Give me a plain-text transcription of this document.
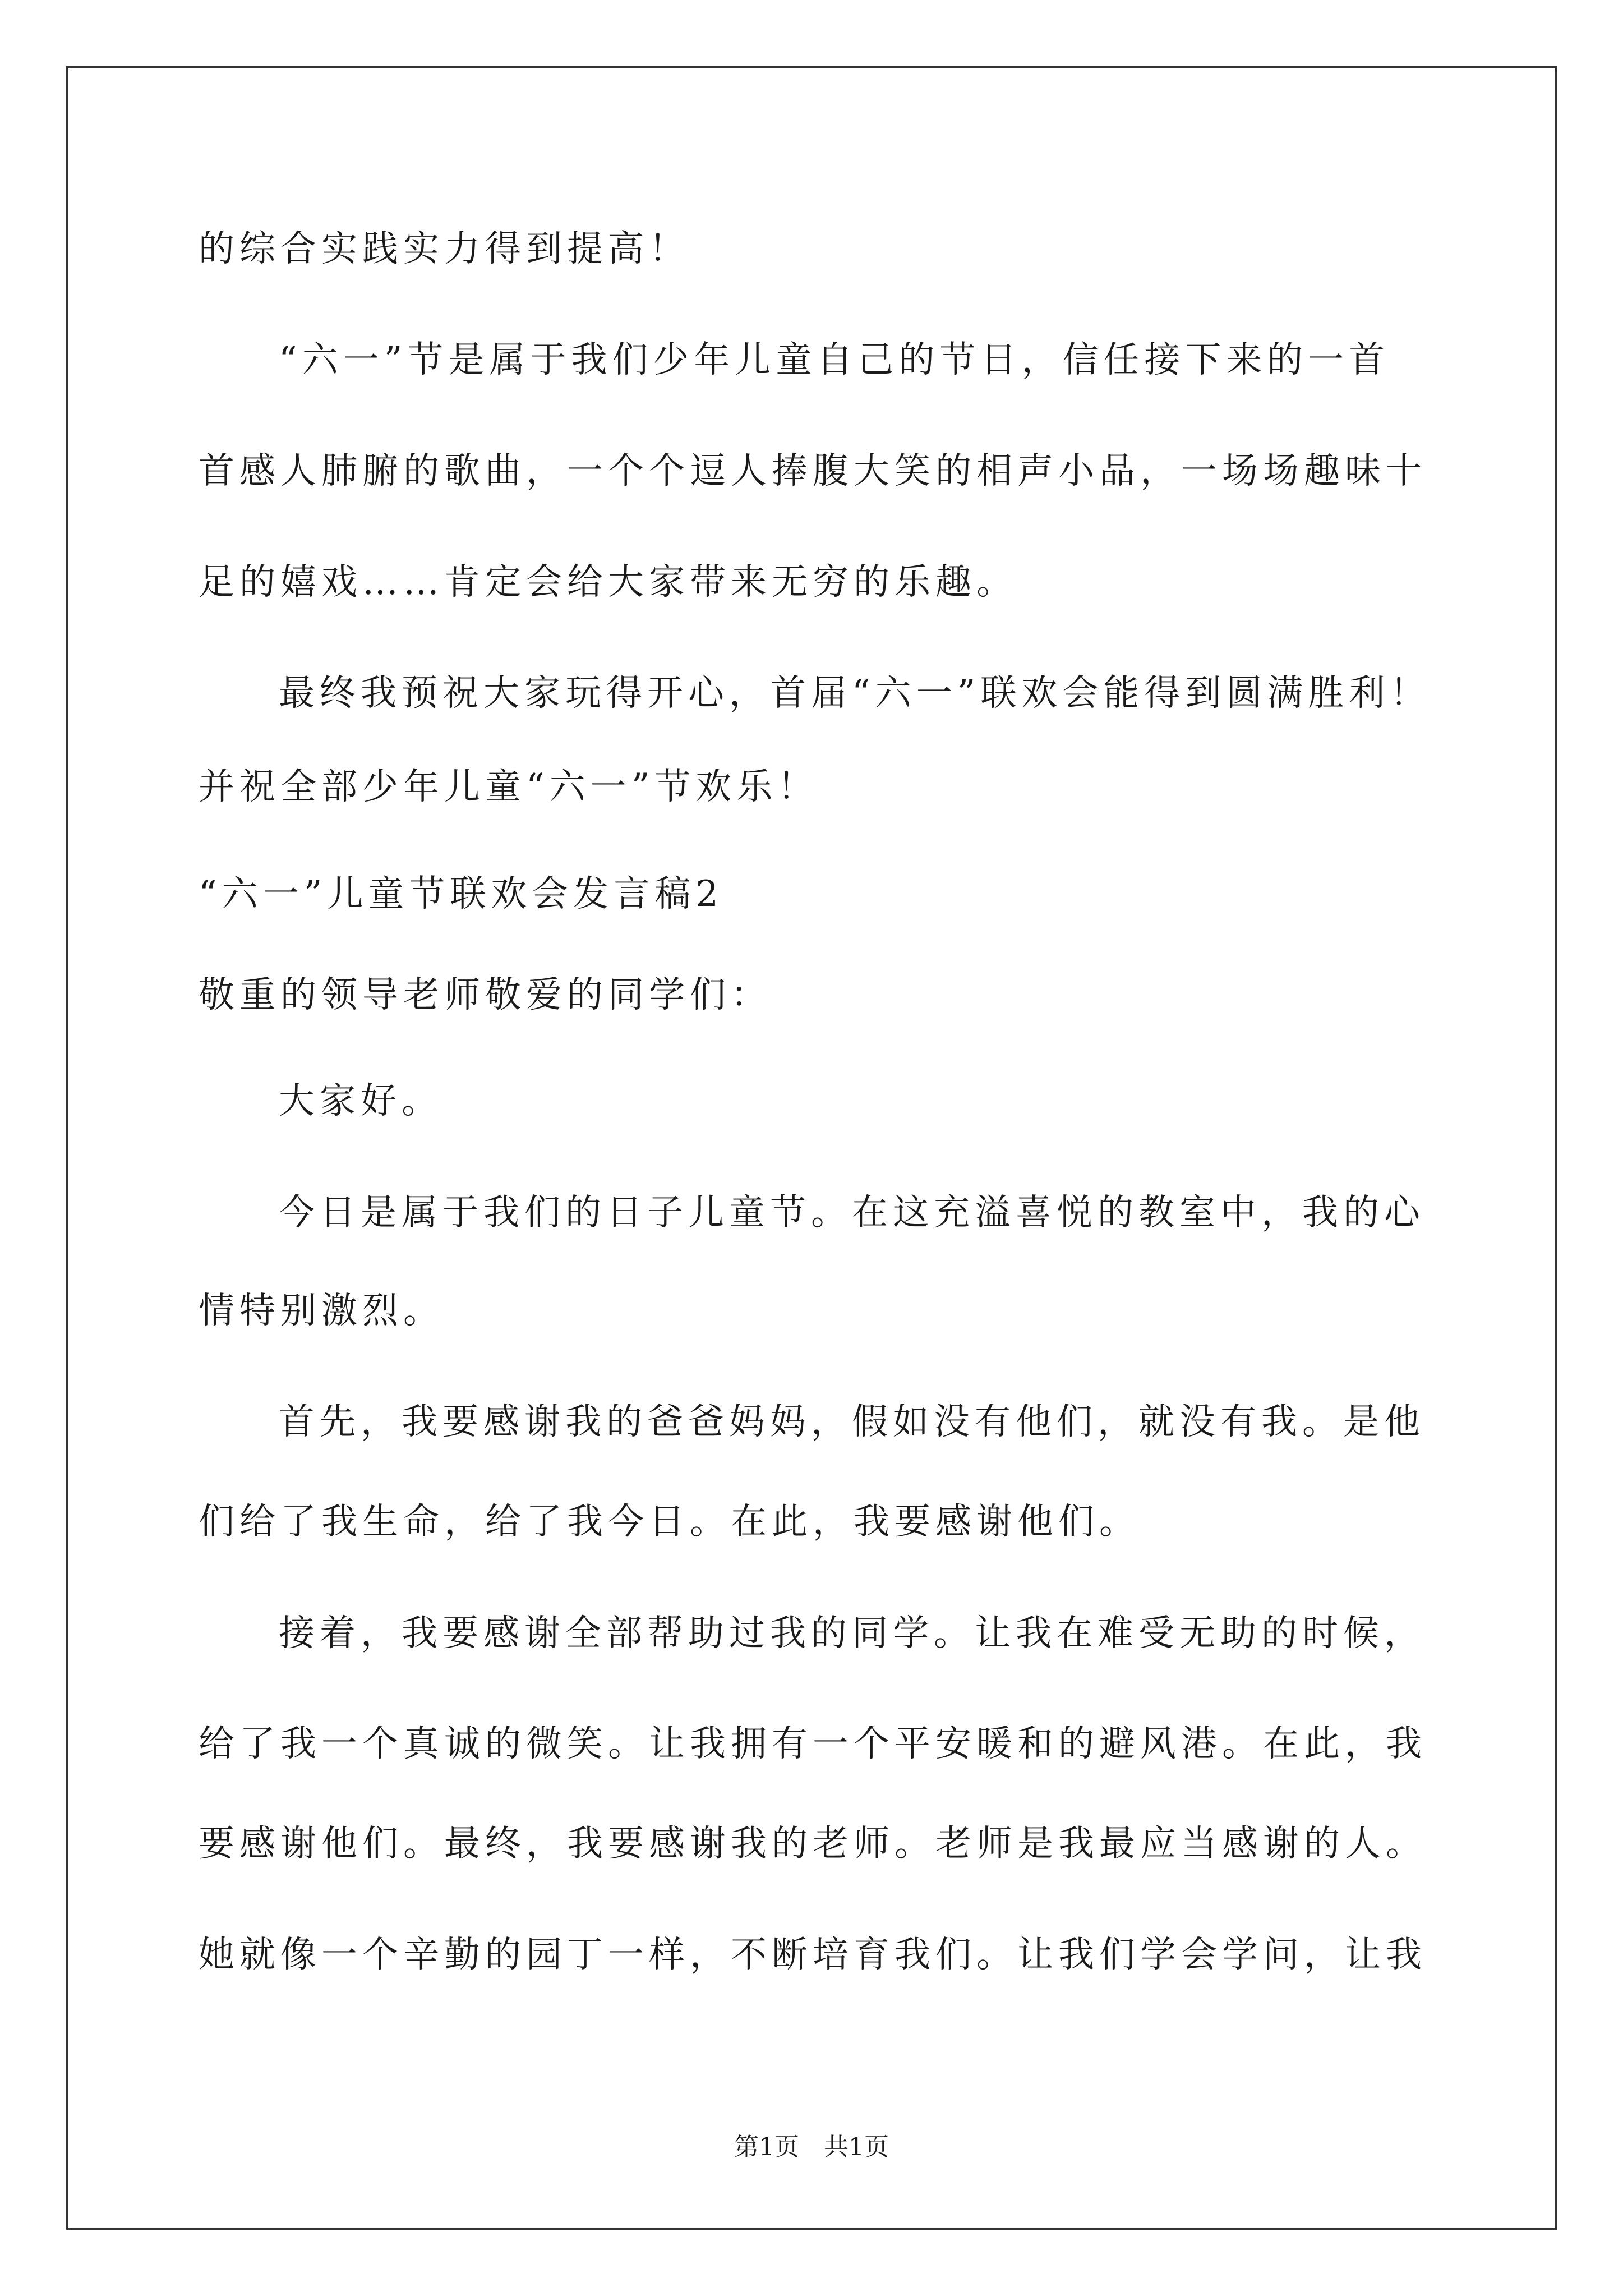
的综合实践实力得到提高！
“六一”节是属于我们少年儿童自己的节日，信任接下来的一首
首感人肺腑的歌曲，一个个逗人捧腹大笑的相声小品，一场场趣味十
足的嬉戏……肯定会给大家带来无穷的乐趣。
最终我预祝大家玩得开心，首届“六一”联欢会能得到圆满胜利！
并祝全部少年儿童“六一”节欢乐！
“六一”儿童节联欢会发言稿2
敬重的领导老师敬爱的同学们：
大家好。
今日是属于我们的日子儿童节。在这充溢喜悦的教室中，我的心
情特别激烈。
首先，我要感谢我的爸爸妈妈，假如没有他们，就没有我。是他
们给了我生命，给了我今日。在此，我要感谢他们。
接着，我要感谢全部帮助过我的同学。让我在难受无助的时候，
给了我一个真诚的微笑。让我拥有一个平安暖和的避风港。在此，我
要感谢他们。最终，我要感谢我的老师。老师是我最应当感谢的人。
她就像一个辛勤的园丁一样，不断培育我们。让我们学会学问，让我
第1页　共1页
